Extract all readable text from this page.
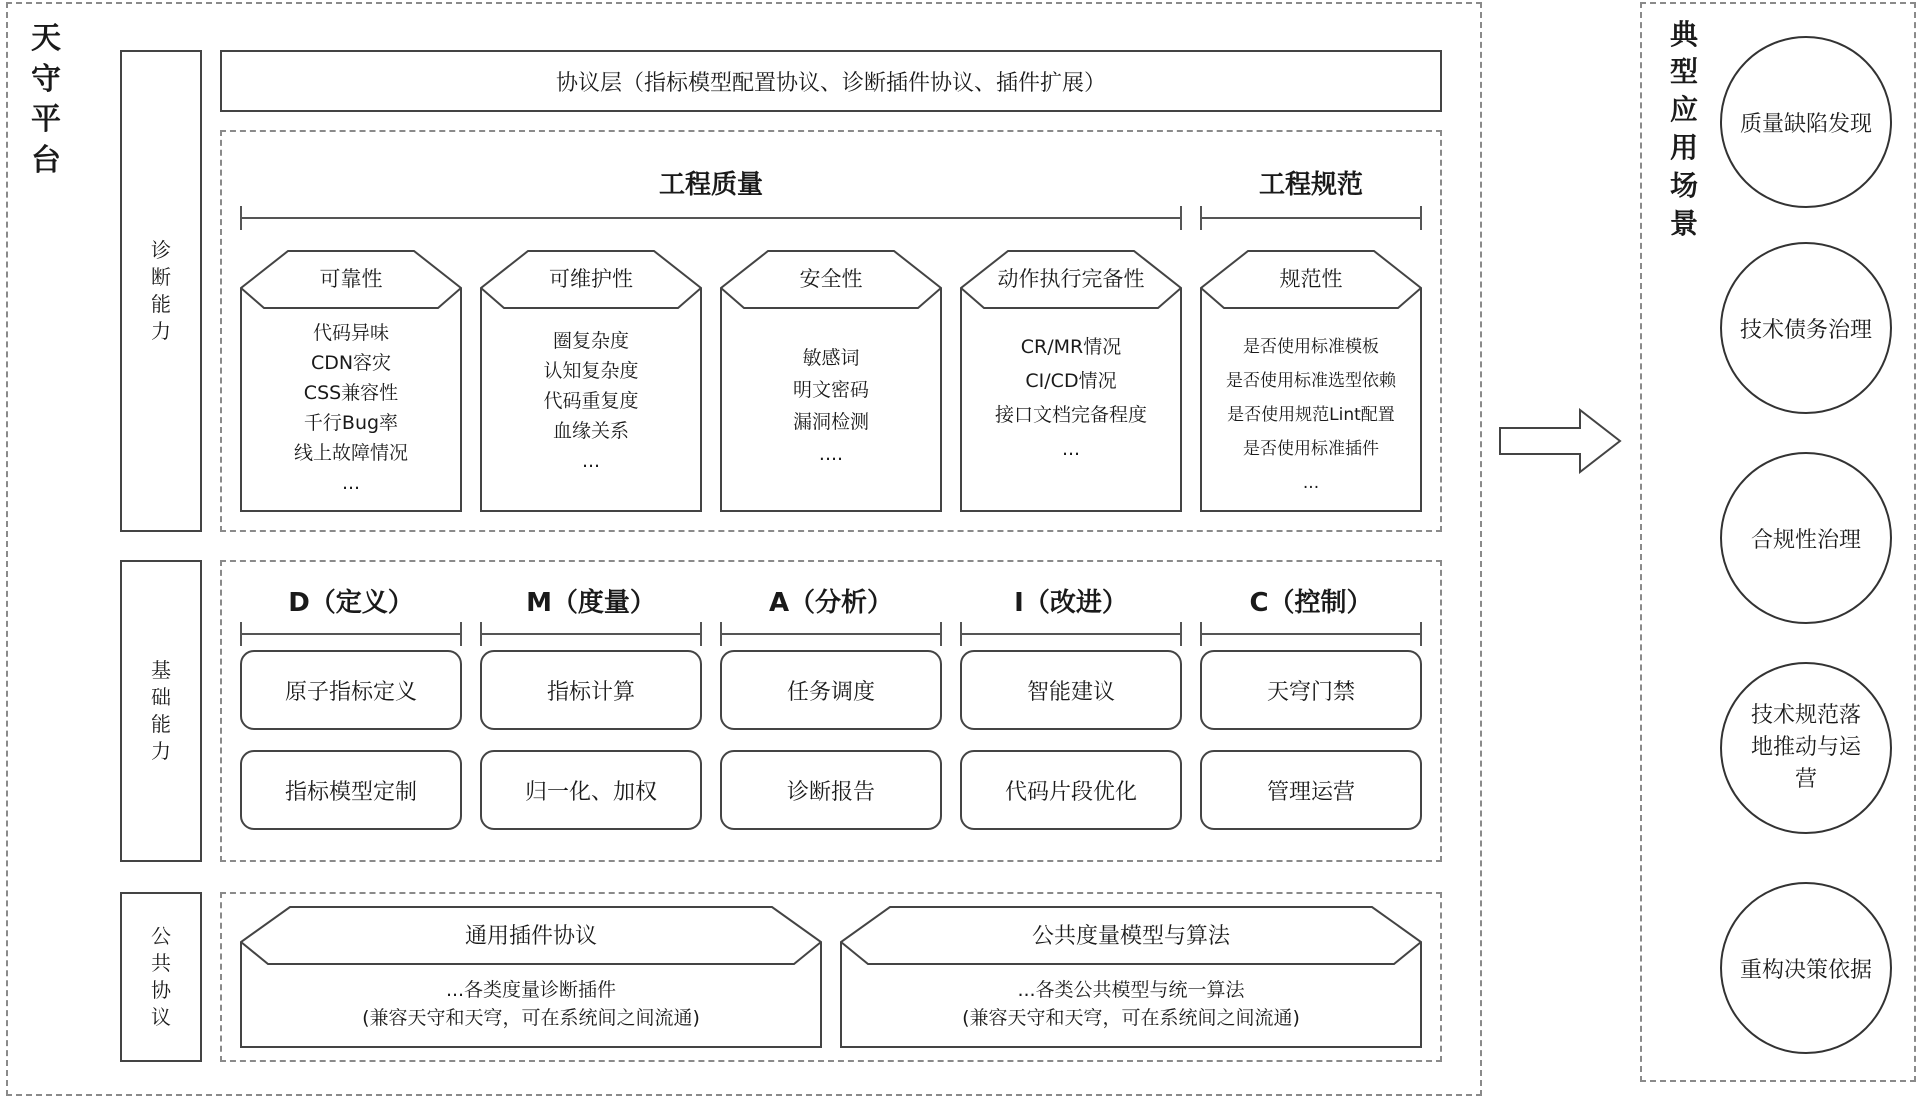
天
守
平
台
诊
断
能
力
基
础
能
力
公
共
协
议
协议层（指标模型配置协议、诊断插件协议、插件扩展）
工程质量	工程规范
可靠性
代码异味
CDN容灾
CSS兼容性
千行Bug率
线上故障情况
...
可维护性
圈复杂度
认知复杂度
代码重复度
血缘关系
...
安全性
敏感词
明文密码
漏洞检测
....
动作执行完备性
CR/MR情况
CI/CD情况
接口文档完备程度
...
规范性
是否使用标准模板
是否使用标准选型依赖
是否使用规范Lint配置
是否使用标准插件
...
D（定义）
原子指标定义
指标模型定制
M（度量）
指标计算
归一化、加权
A（分析）
任务调度
诊断报告
I（改进）
智能建议
代码片段优化
C（控制）
天穹门禁
管理运营
通用插件协议
...各类度量诊断插件
(兼容天守和天穹，可在系统间之间流通)
公共度量模型与算法
...各类公共模型与统一算法
(兼容天守和天穹，可在系统间之间流通)
典
型
应
用
场
景
质量缺陷发现
技术债务治理
合规性治理
技术规范落地推动与运营
重构决策依据
